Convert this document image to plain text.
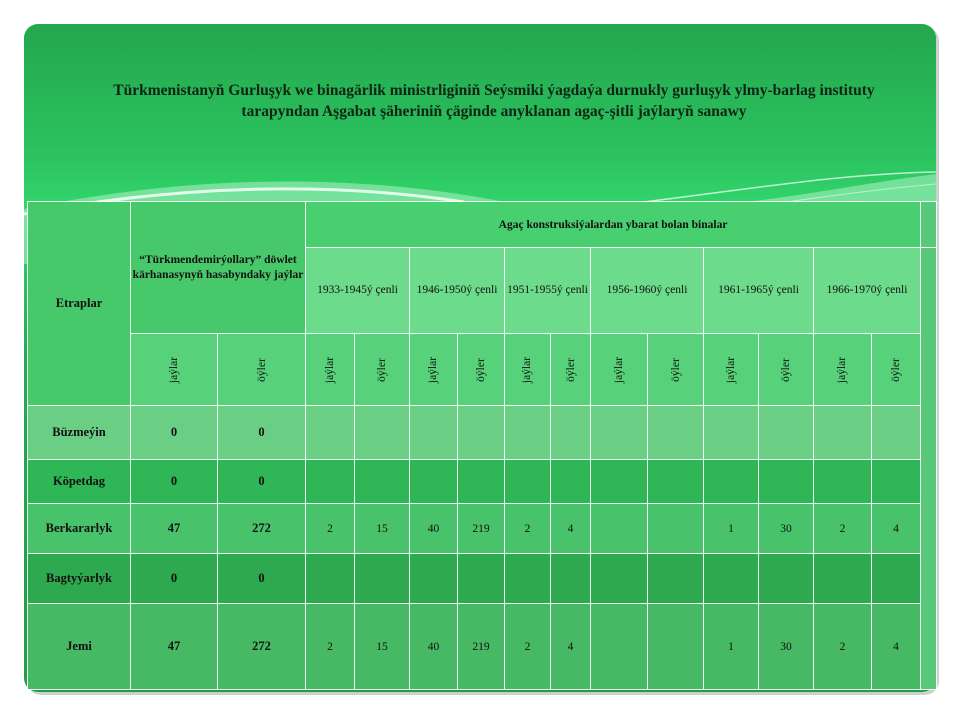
Türkmenistanyň Gurluşyk we binagärlik ministrliginiň Seýsmiki ýagdaýa durnukly gurluşyk ylmy-barlag instituty tarapyndan Aşgabat şäheriniň çäginde anyklanan agaç-şitli jaýlaryň sanawy
Etraplar	“Türkmendemirýollary” döwlet kärhanasynyň hasabyndaky jaýlar		Agaç konstruksiýalardan ybarat bolan binalar												
			1933-1945ý çenli		1946-1950ý çenli		1951-1955ý çenli		1956-1960ý çenli		1961-1965ý çenli		1966-1970ý çenli		
	jaýlar	öýler	jaýlar	öýler	jaýlar	öýler	jaýlar	öýler	jaýlar	öýler	jaýlar	öýler	jaýlar	öýler	
Büzmeýin	0	0													
Köpetdag	0	0													
Berkararlyk	47	272	2	15	40	219	2	4			1	30	2	4	
Bagtyýarlyk	0	0													
Jemi	47	272	2	15	40	219	2	4			1	30	2	4	
